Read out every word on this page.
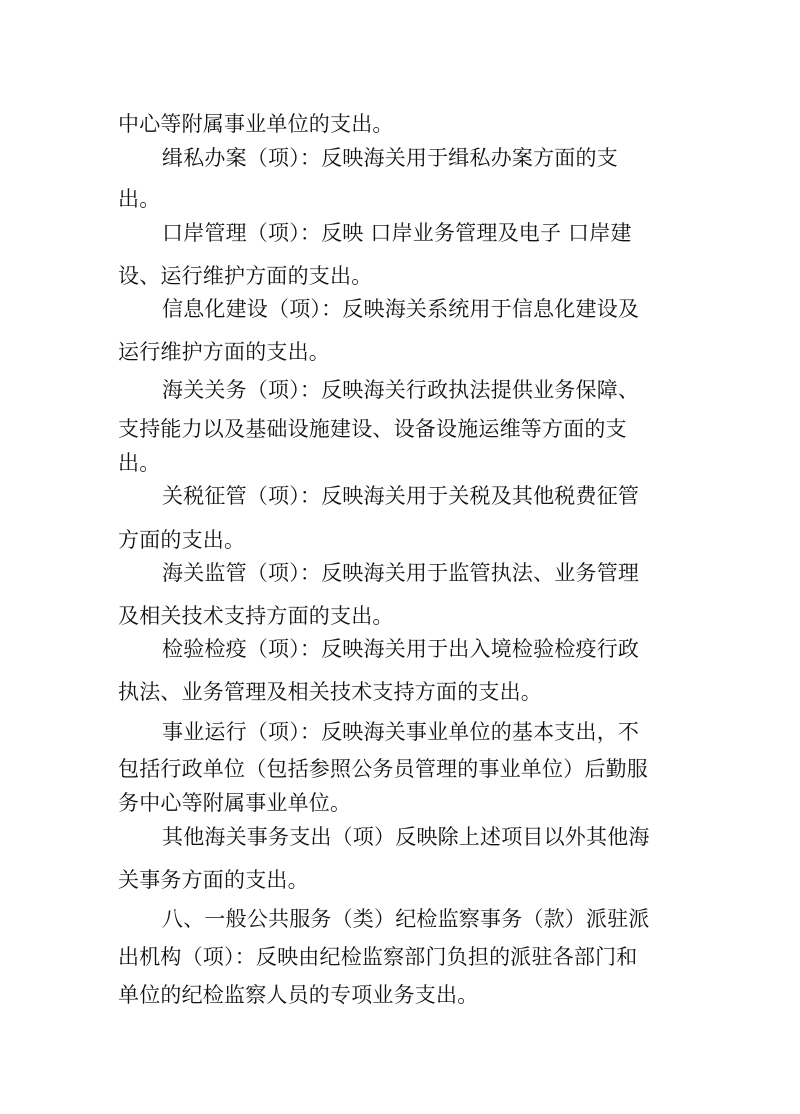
中心等附属事业单位的支出。
缉私办案（项）：反映海关用于缉私办案方面的支
出。
口岸管理（项）：反映 口岸业务管理及电子 口岸建
设、运行维护方面的支出。
信息化建设（项）：反映海关系统用于信息化建设及
运行维护方面的支出。
海关关务（项）：反映海关行政执法提供业务保障、
支持能力以及基础设施建设、设备设施运维等方面的支
出。
关税征管（项）：反映海关用于关税及其他税费征管
方面的支出。
海关监管（项）：反映海关用于监管执法、业务管理
及相关技术支持方面的支出。
检验检疫（项）：反映海关用于出入境检验检疫行政
执法、业务管理及相关技术支持方面的支出。
事业运行（项）：反映海关事业单位的基本支出，不
包括行政单位（包括参照公务员管理的事业单位）后勤服
务中心等附属事业单位。
其他海关事务支出（项）反映除上述项目以外其他海
关事务方面的支出。
八、一般公共服务（类）纪检监察事务（款）派驻派
出机构（项）：反映由纪检监察部门负担的派驻各部门和
单位的纪检监察人员的专项业务支出。
